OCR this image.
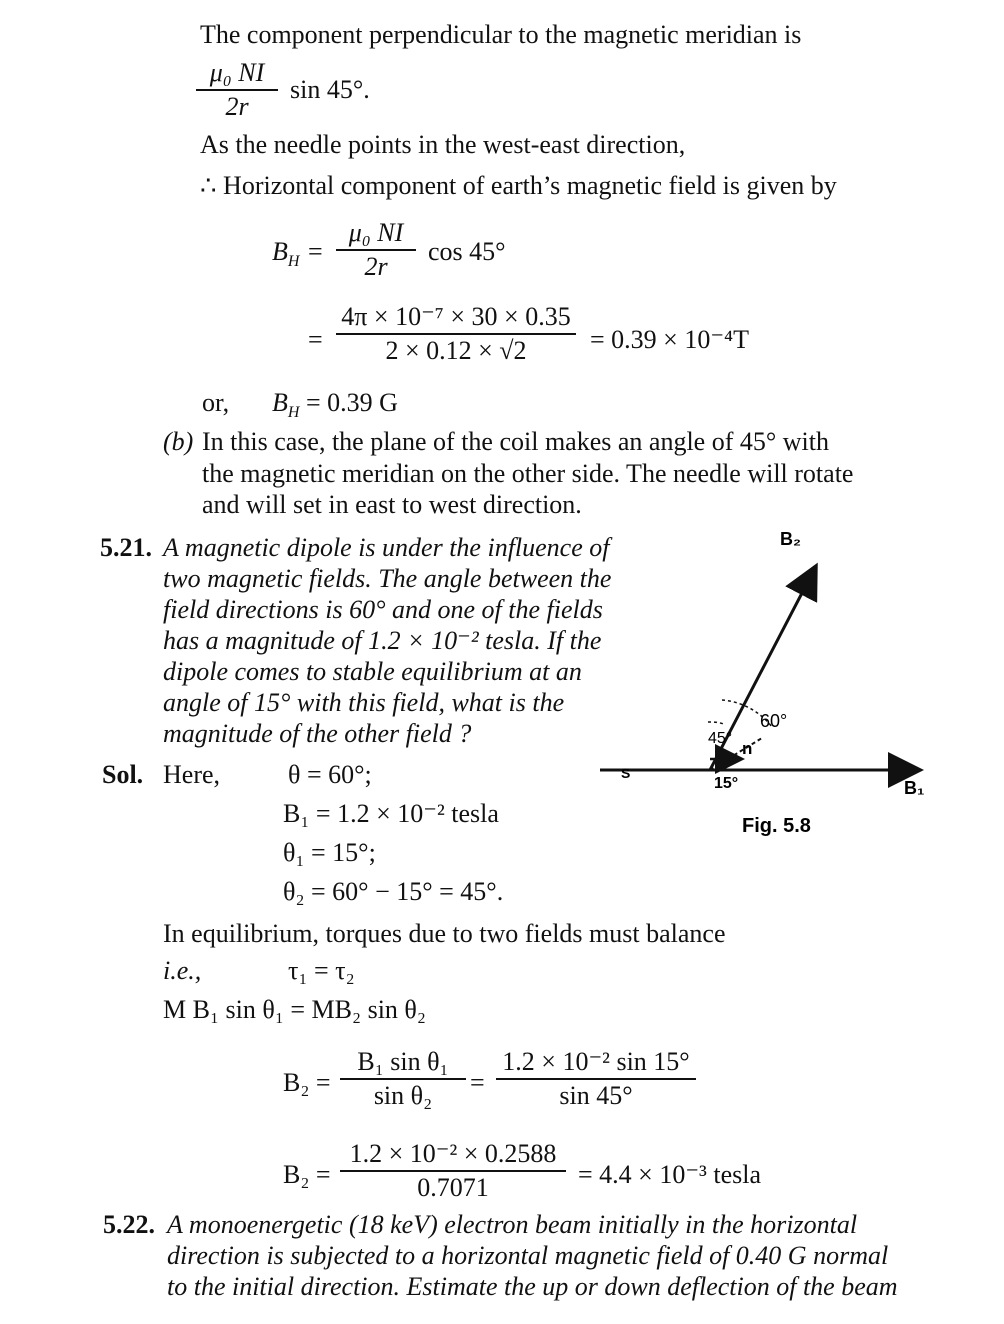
The component perpendicular to the magnetic meridian is
μ₀ NI
2r
sin 45°.
As the needle points in the west-east direction,
∴ Horizontal component of earth’s magnetic field is given by
$B_H$ =
μ₀ NI
2r
cos 45°
=
4π × 10⁻⁷ × 30 × 0.35
2 × 0.12 × √2	= 0.39 × 10⁻⁴T
or, $B_H = 0.39$ G
(b) In this case, the plane of the coil makes an angle of 45° with
the magnetic meridian on the other side. The needle will rotate
and will set in east to west direction.
5.21. A magnetic dipole is under the influence of
two magnetic fields. The angle between the
field directions is 60° and one of the fields
has a magnitude of 1.2 × 10⁻² tesla. If the
dipole comes to stable equilibrium at an
angle of 15° with this field, what is the
magnitude of the other field ?
B₂
B₁
S
n
60°
45°
15°
Fig. 5.8
Sol. Here,	θ = 60°;
B₁ = 1.2 × 10⁻² tesla
θ₁ = 15°;
θ₂ = 60° − 15° = 45°.
In equilibrium, torques due to two fields must balance
i.e.,	τ₁ = τ₂
M B₁ sin θ₁ = MB₂ sin θ₂
B₂ =
B₁ sin θ₁
sin θ₂	=
1.2 × 10⁻² sin 15°
sin 45°
B₂ =
1.2 × 10⁻² × 0.2588
0.7071	= 4.4 × 10⁻³ tesla
5.22. A monoenergetic (18 keV) electron beam initially in the horizontal
direction is subjected to a horizontal magnetic field of 0.40 G normal
to the initial direction. Estimate the up or down deflection of the beam
